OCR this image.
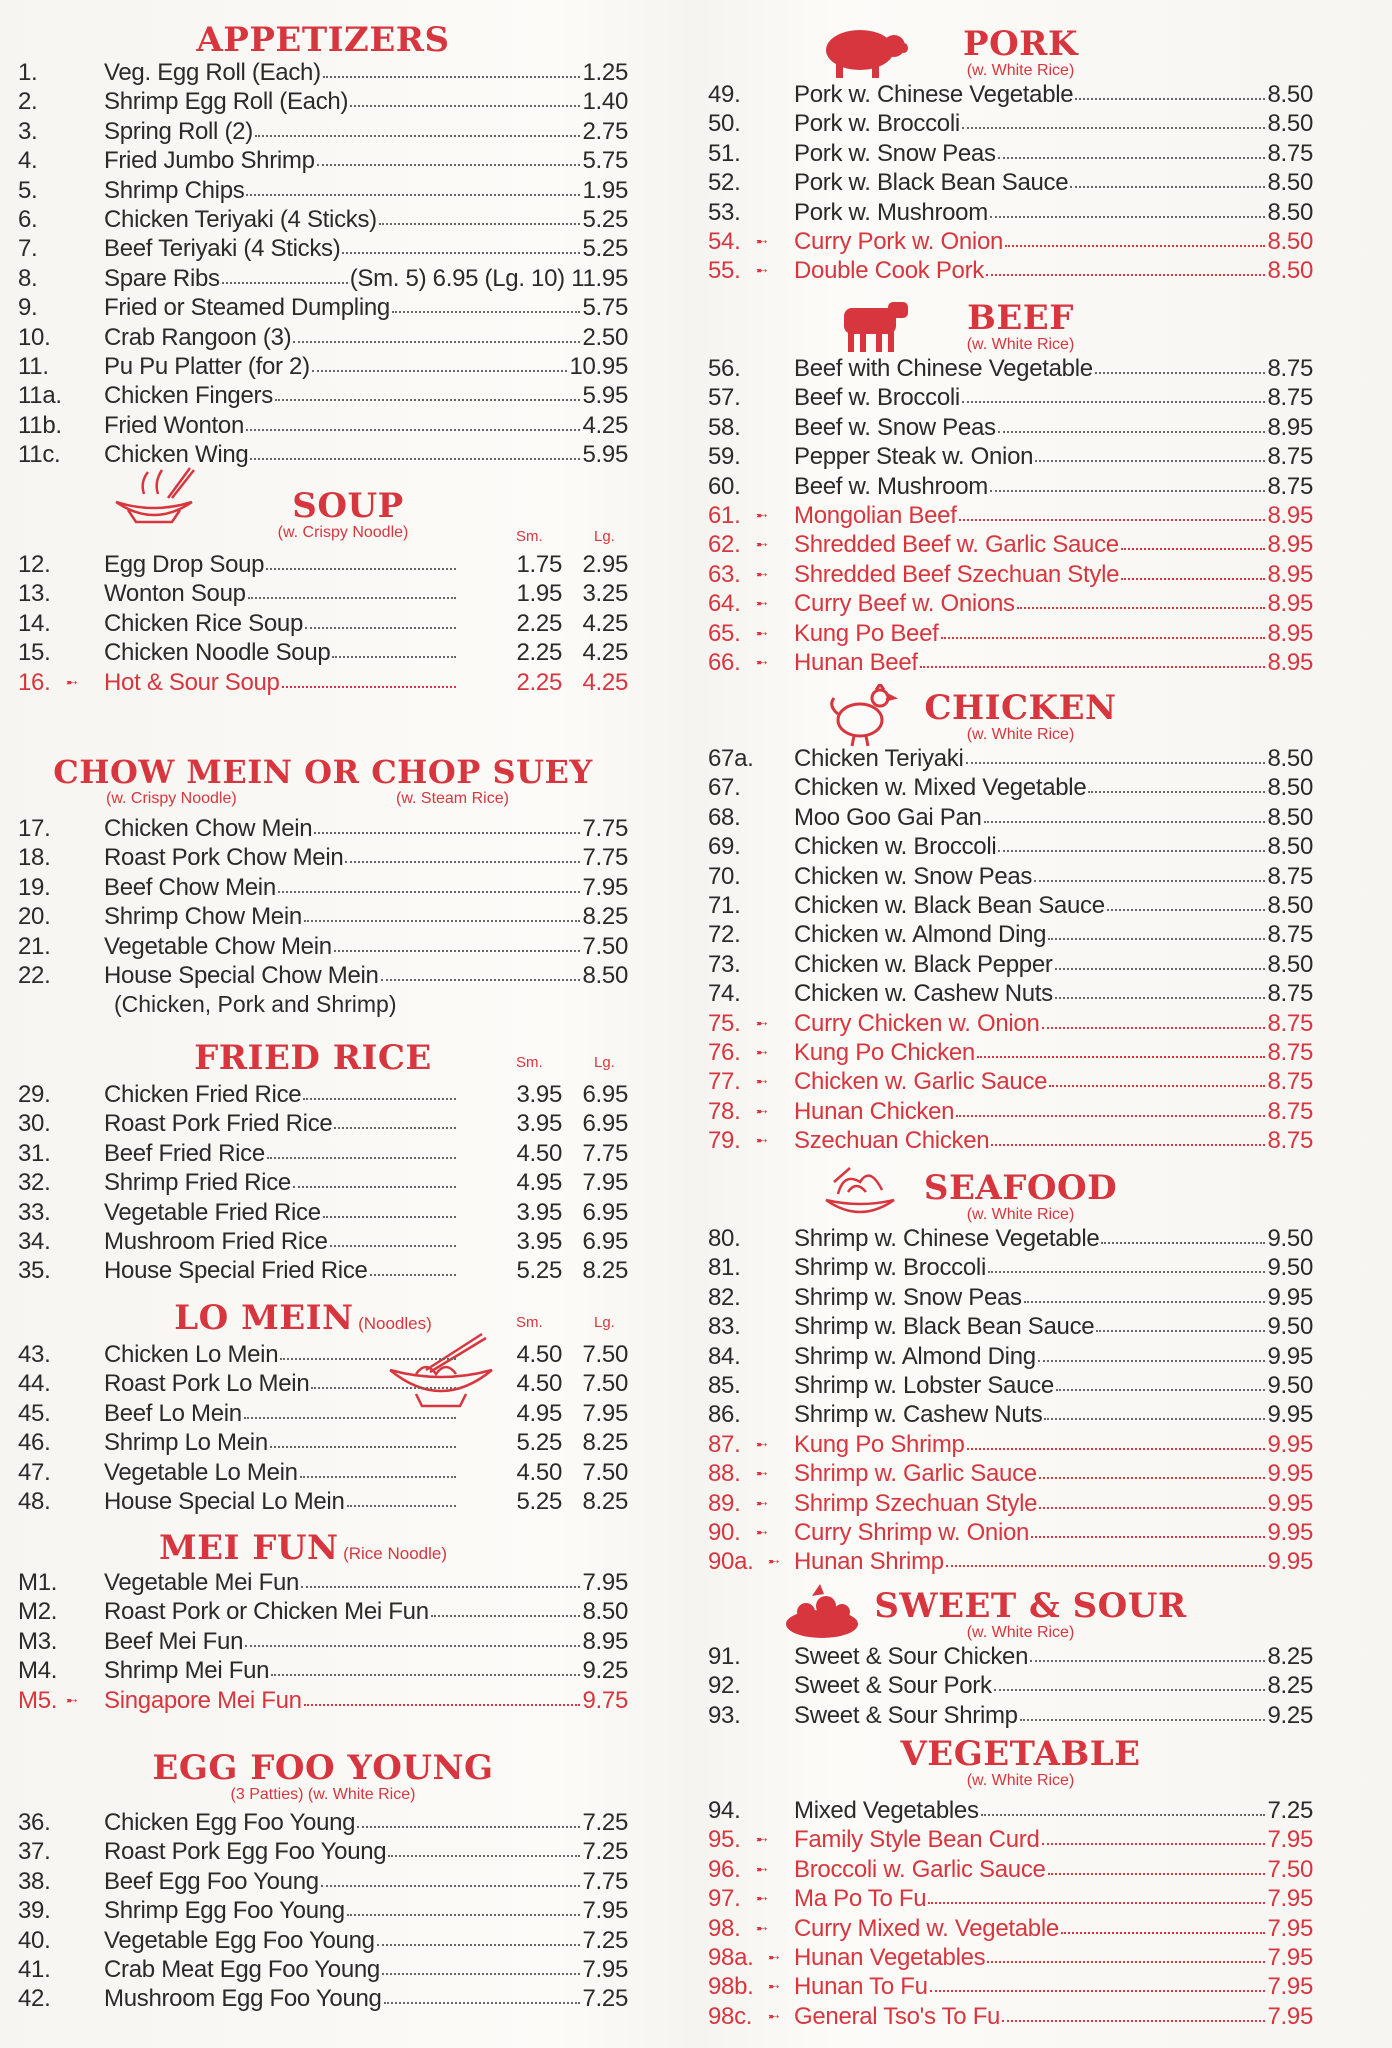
APPETIZERS
1.	Veg. Egg Roll (Each)	1.25
2.	Shrimp Egg Roll (Each)	1.40
3.	Spring Roll (2)	2.75
4.	Fried Jumbo Shrimp	5.75
5.	Shrimp Chips	1.95
6.	Chicken Teriyaki (4 Sticks)	5.25
7.	Beef Teriyaki (4 Sticks)	5.25
8.	Spare Ribs	(Sm. 5) 6.95 (Lg. 10) 11.95
9.	Fried or Steamed Dumpling	5.75
10.	Crab Rangoon (3)	2.50
11.	Pu Pu Platter (for 2)	10.95
11a.	Chicken Fingers	5.95
11b.	Fried Wonton	4.25
11c.	Chicken Wing	5.95
SOUP
(w. Crispy Noodle)	Sm.	Lg.
12.	Egg Drop Soup	1.75 2.95
13.	Wonton Soup	1.95 3.25
14.	Chicken Rice Soup	2.25 4.25
15.	Chicken Noodle Soup	2.25 4.25
16.	➸ Hot & Sour Soup	2.25 4.25
CHOW MEIN OR CHOP SUEY
(w. Crispy Noodle)	(w. Steam Rice)
17.	Chicken Chow Mein	7.75
18.	Roast Pork Chow Mein	7.75
19.	Beef Chow Mein	7.95
20.	Shrimp Chow Mein	8.25
21.	Vegetable Chow Mein	7.50
22.	House Special Chow Mein	8.50
(Chicken, Pork and Shrimp)
FRIED RICE	Sm.	Lg.
29.	Chicken Fried Rice	3.95 6.95
30.	Roast Pork Fried Rice	3.95 6.95
31.	Beef Fried Rice	4.50 7.75
32.	Shrimp Fried Rice	4.95 7.95
33.	Vegetable Fried Rice	3.95 6.95
34.	Mushroom Fried Rice	3.95 6.95
35.	House Special Fried Rice	5.25 8.25
LO MEIN (Noodles)	Sm.	Lg.
43.	Chicken Lo Mein	4.50 7.50
44.	Roast Pork Lo Mein	4.50 7.50
45.	Beef Lo Mein	4.95 7.95
46.	Shrimp Lo Mein	5.25 8.25
47.	Vegetable Lo Mein	4.50 7.50
48.	House Special Lo Mein	5.25 8.25
MEI FUN (Rice Noodle)
M1.	Vegetable Mei Fun	7.95
M2.	Roast Pork or Chicken Mei Fun	8.50
M3.	Beef Mei Fun	8.95
M4.	Shrimp Mei Fun	9.25
M5. ➸ Singapore Mei Fun	9.75
EGG FOO YOUNG
(3 Patties) (w. White Rice)
36.	Chicken Egg Foo Young	7.25
37.	Roast Pork Egg Foo Young	7.25
38.	Beef Egg Foo Young	7.75
39.	Shrimp Egg Foo Young	7.95
40.	Vegetable Egg Foo Young	7.25
41.	Crab Meat Egg Foo Young	7.95
42.	Mushroom Egg Foo Young	7.25
PORK
(w. White Rice)
49.	Pork w. Chinese Vegetable	8.50
50.	Pork w. Broccoli	8.50
51.	Pork w. Snow Peas	8.75
52.	Pork w. Black Bean Sauce	8.50
53.	Pork w. Mushroom	8.50
54.	➸ Curry Pork w. Onion	8.50
55.	➸ Double Cook Pork	8.50
BEEF
(w. White Rice)
56.	Beef with Chinese Vegetable	8.75
57.	Beef w. Broccoli	8.75
58.	Beef w. Snow Peas	8.95
59.	Pepper Steak w. Onion	8.75
60.	Beef w. Mushroom	8.75
61.	➸ Mongolian Beef	8.95
62.	➸ Shredded Beef w. Garlic Sauce	8.95
63.	➸ Shredded Beef Szechuan Style	8.95
64.	➸ Curry Beef w. Onions	8.95
65.	➸ Kung Po Beef	8.95
66.	➸ Hunan Beef	8.95
CHICKEN
(w. White Rice)
67a.	Chicken Teriyaki	8.50
67.	Chicken w. Mixed Vegetable	8.50
68.	Moo Goo Gai Pan	8.50
69.	Chicken w. Broccoli	8.50
70.	Chicken w. Snow Peas	8.75
71.	Chicken w. Black Bean Sauce	8.50
72.	Chicken w. Almond Ding	8.75
73.	Chicken w. Black Pepper	8.50
74.	Chicken w. Cashew Nuts	8.75
75.	➸ Curry Chicken w. Onion	8.75
76.	➸ Kung Po Chicken	8.75
77.	➸ Chicken w. Garlic Sauce	8.75
78.	➸ Hunan Chicken	8.75
79.	➸ Szechuan Chicken	8.75
SEAFOOD
(w. White Rice)
80.	Shrimp w. Chinese Vegetable	9.50
81.	Shrimp w. Broccoli	9.50
82.	Shrimp w. Snow Peas	9.95
83.	Shrimp w. Black Bean Sauce	9.50
84.	Shrimp w. Almond Ding	9.95
85.	Shrimp w. Lobster Sauce	9.50
86.	Shrimp w. Cashew Nuts	9.95
87.	➸ Kung Po Shrimp	9.95
88.	➸ Shrimp w. Garlic Sauce	9.95
89.	➸ Shrimp Szechuan Style	9.95
90.	➸ Curry Shrimp w. Onion	9.95
90a.	➸ Hunan Shrimp	9.95
SWEET & SOUR
(w. White Rice)
91.	Sweet & Sour Chicken	8.25
92.	Sweet & Sour Pork	8.25
93.	Sweet & Sour Shrimp	9.25
VEGETABLE
(w. White Rice)
94.	Mixed Vegetables	7.25
95.	➸ Family Style Bean Curd	7.95
96.	➸ Broccoli w. Garlic Sauce	7.50
97.	➸ Ma Po To Fu	7.95
98.	➸ Curry Mixed w. Vegetable	7.95
98a.	➸ Hunan Vegetables	7.95
98b.	➸ Hunan To Fu	7.95
98c.	➸ General Tso's To Fu	7.95
